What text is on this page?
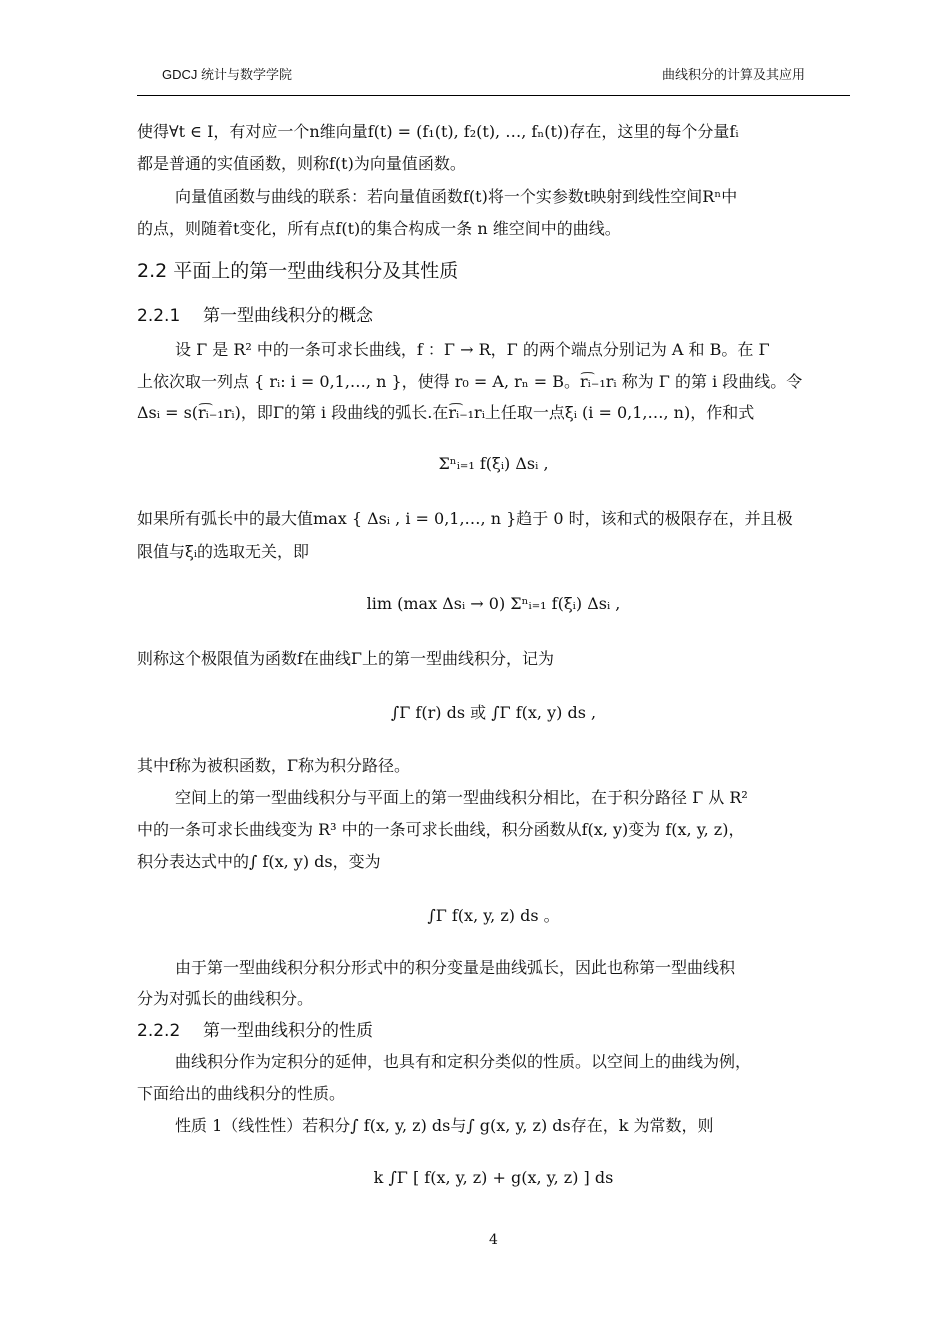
GDCJ 统计与数学学院	曲线积分的计算及其应用
使得∀t ∈ I，有对应一个n维向量f(t) = (f₁(t), f₂(t), …, fₙ(t))存在，这里的每个分量fᵢ
都是普通的实值函数，则称f(t)为向量值函数。
向量值函数与曲线的联系：若向量值函数f(t)将一个实参数t映射到线性空间Rⁿ中
的点，则随着t变化，所有点f(t)的集合构成一条 n 维空间中的曲线。
2.2 平面上的第一型曲线积分及其性质
2.2.1 第一型曲线积分的概念
设 Γ 是 R² 中的一条可求长曲线，f ：Γ → R，Γ 的两个端点分别记为 A 和 B。在 Γ
上依次取一列点 { rᵢ: i = 0,1,…, n }，使得 r₀ = A, rₙ = B。r͡ᵢ₋₁rᵢ 称为 Γ 的第 i 段曲线。令
Δsᵢ = s(r͡ᵢ₋₁rᵢ)，即Γ的第 i 段曲线的弧长.在r͡ᵢ₋₁rᵢ上任取一点ξᵢ (i = 0,1,…, n)，作和式
Σⁿᵢ₌₁ f(ξᵢ) Δsᵢ ,
如果所有弧长中的最大值max { Δsᵢ , i = 0,1,…, n }趋于 0 时，该和式的极限存在，并且极
限值与ξᵢ的选取无关，即
lim (max Δsᵢ → 0) Σⁿᵢ₌₁ f(ξᵢ) Δsᵢ ,
则称这个极限值为函数f在曲线Γ上的第一型曲线积分，记为
∫Γ f(r) ds 或 ∫Γ f(x, y) ds ,
其中f称为被积函数，Γ称为积分路径。
空间上的第一型曲线积分与平面上的第一型曲线积分相比，在于积分路径 Γ 从 R²
中的一条可求长曲线变为 R³ 中的一条可求长曲线，积分函数从f(x, y)变为 f(x, y, z)，
积分表达式中的∫ f(x, y) ds，变为
∫Γ f(x, y, z) ds 。
由于第一型曲线积分积分形式中的积分变量是曲线弧长，因此也称第一型曲线积
分为对弧长的曲线积分。
2.2.2 第一型曲线积分的性质
曲线积分作为定积分的延伸，也具有和定积分类似的性质。以空间上的曲线为例，
下面给出的曲线积分的性质。
性质 1（线性性）若积分∫ f(x, y, z) ds与∫ g(x, y, z) ds存在，k 为常数，则
k ∫Γ [ f(x, y, z) + g(x, y, z) ] ds
4
